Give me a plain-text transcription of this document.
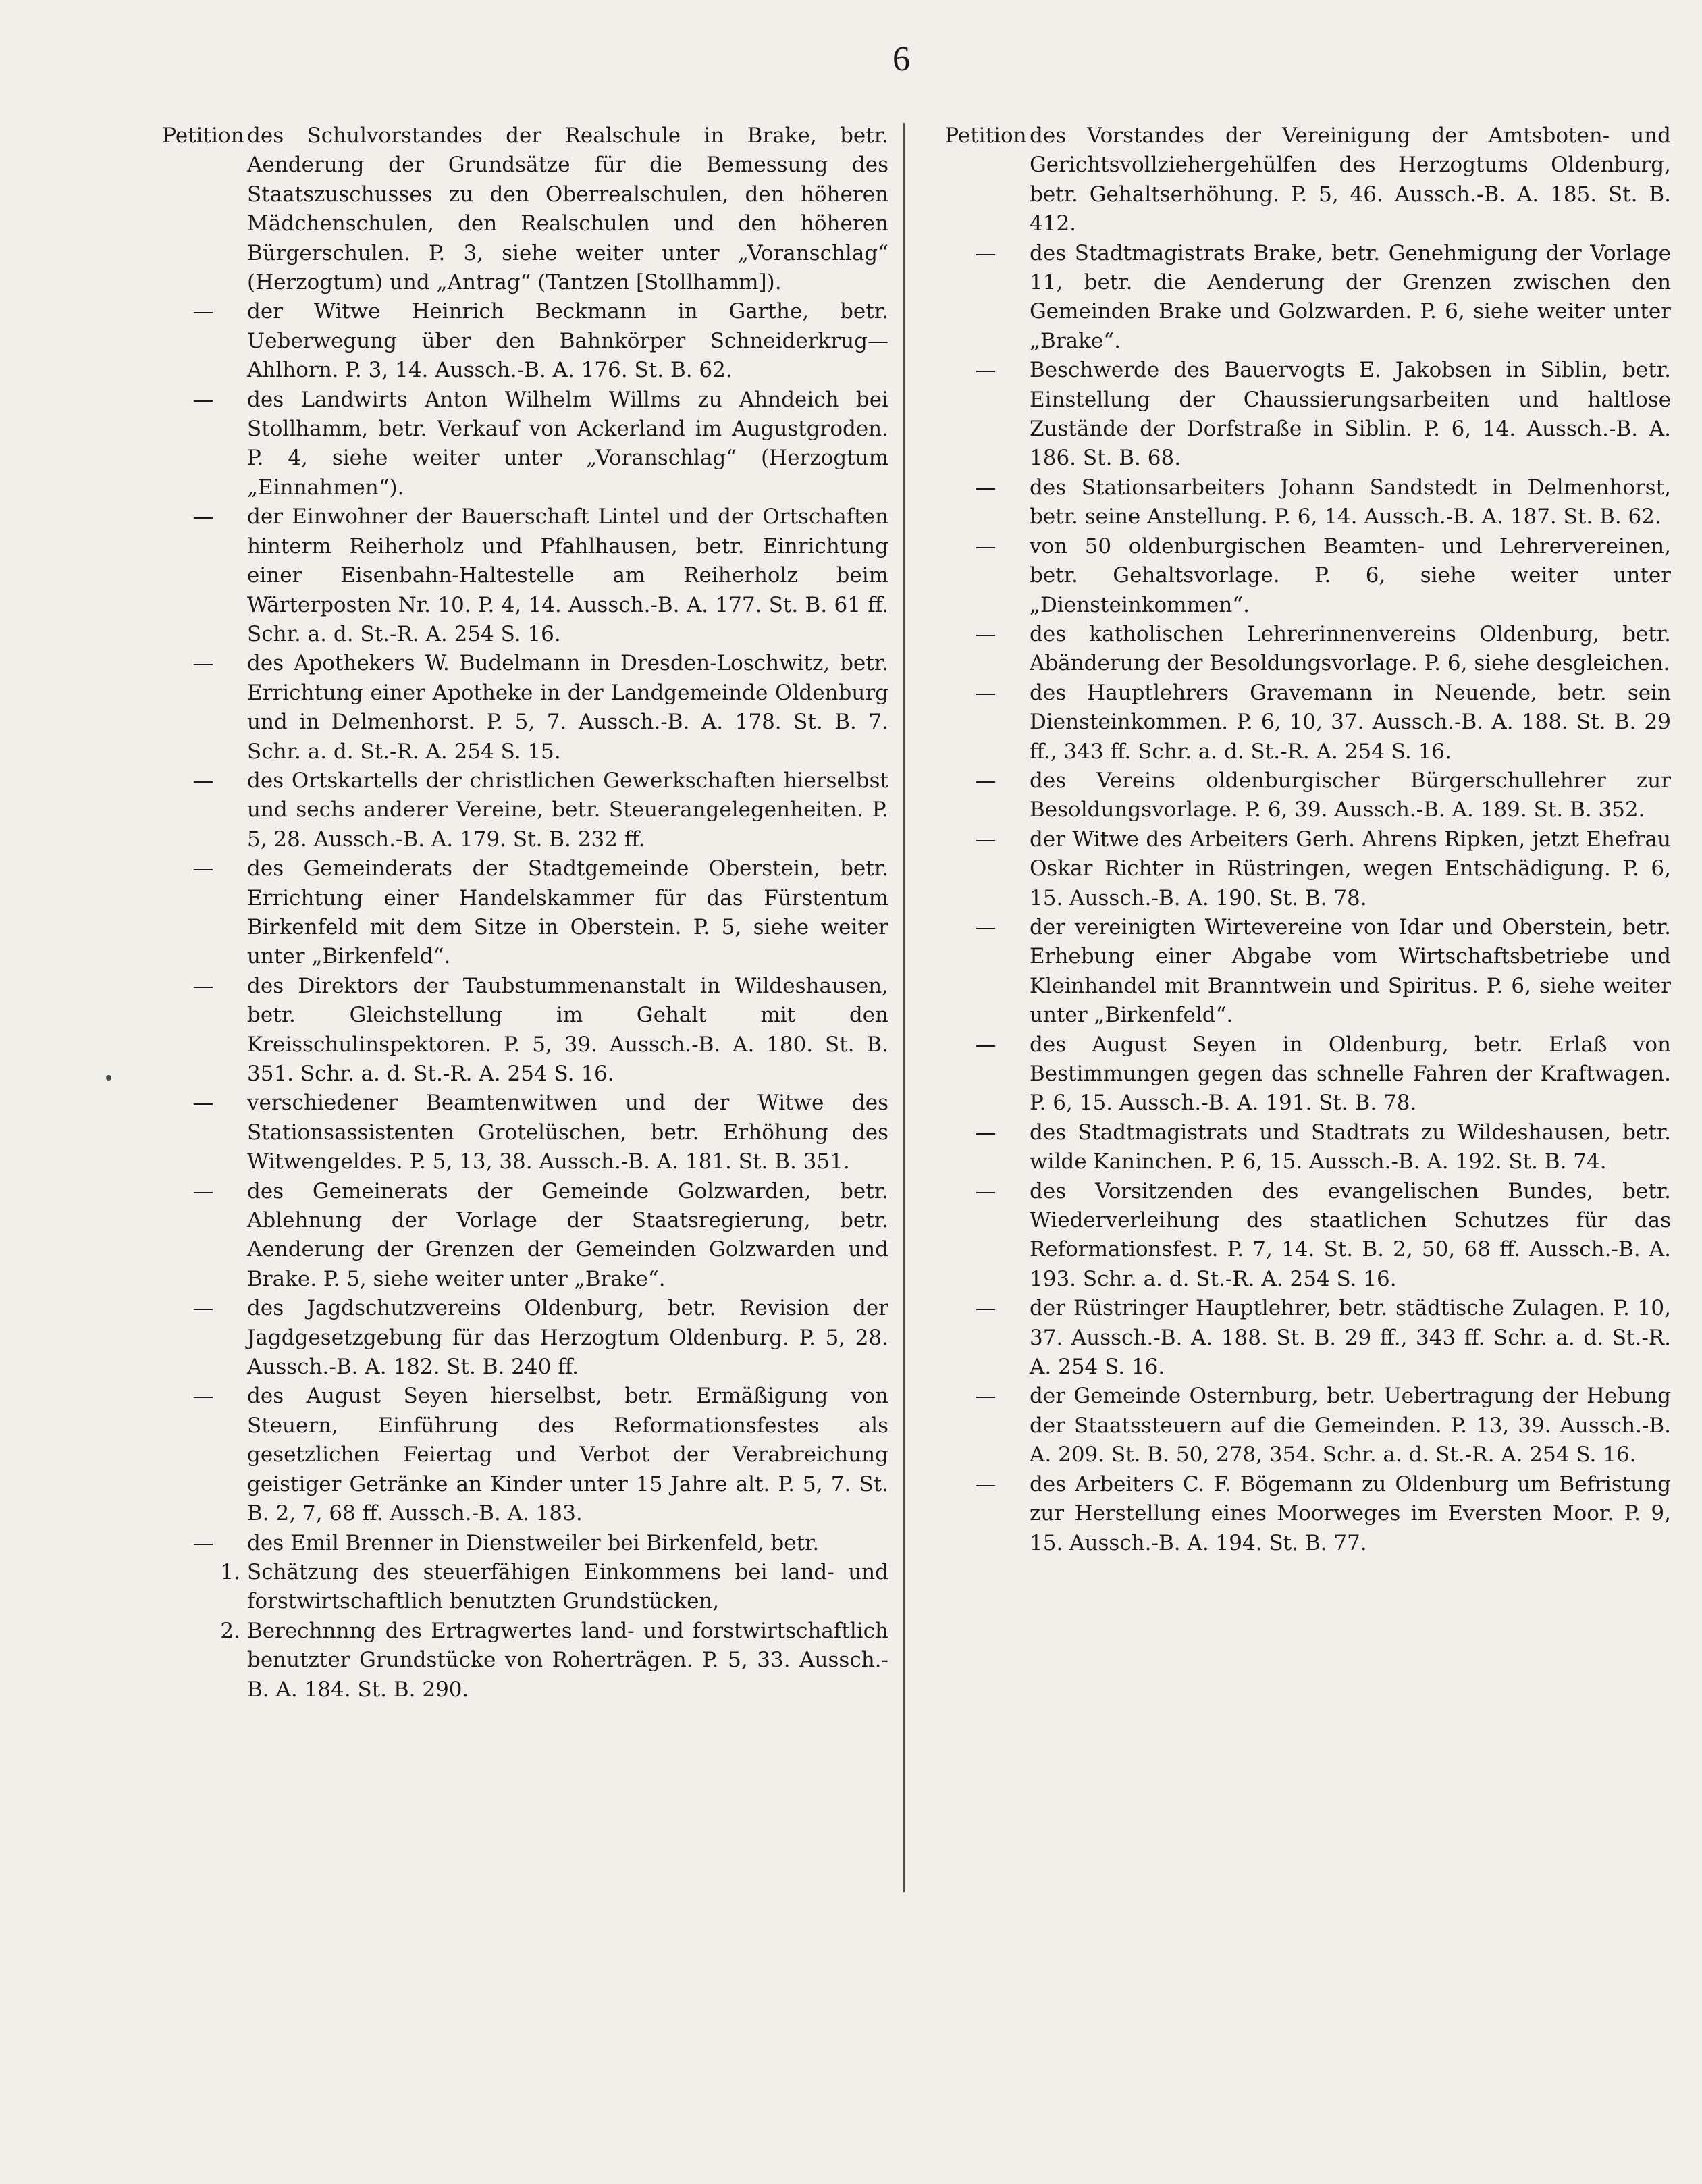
6

Petition des Schulvorstandes der Realschule in Brake, betr. Aenderung der Grundsätze für die Bemessung des Staatszuschusses zu den Oberrealschulen, den höheren Mädchenschulen, den Realschulen und den höheren Bürgerschulen. P. 3, siehe weiter unter „Voranschlag“ (Herzogtum) und „Antrag“ (Tantzen [Stollhamm]).

— der Witwe Heinrich Beckmann in Garthe, betr. Ueberwegung über den Bahnkörper Schneiderkrug—Ahlhorn. P. 3, 14. Aussch.-B. A. 176. St. B. 62.

— des Landwirts Anton Wilhelm Willms zu Ahndeich bei Stollhamm, betr. Verkauf von Ackerland im Augustgroden. P. 4, siehe weiter unter „Voranschlag“ (Herzogtum „Einnahmen“).

— der Einwohner der Bauerschaft Lintel und der Ortschaften hinterm Reiherholz und Pfahlhausen, betr. Einrichtung einer Eisenbahn-Haltestelle am Reiherholz beim Wärterposten Nr. 10. P. 4, 14. Aussch.-B. A. 177. St. B. 61 ff. Schr. a. d. St.-R. A. 254 S. 16.

— des Apothekers W. Budelmann in Dresden-Loschwitz, betr. Errichtung einer Apotheke in der Landgemeinde Oldenburg und in Delmenhorst. P. 5, 7. Aussch.-B. A. 178. St. B. 7. Schr. a. d. St.-R. A. 254 S. 15.

— des Ortskartells der christlichen Gewerkschaften hierselbst und sechs anderer Vereine, betr. Steuerangelegenheiten. P. 5, 28. Aussch.-B. A. 179. St. B. 232 ff.

— des Gemeinderats der Stadtgemeinde Oberstein, betr. Errichtung einer Handelskammer für das Fürstentum Birkenfeld mit dem Sitze in Oberstein. P. 5, siehe weiter unter „Birkenfeld“.

— des Direktors der Taubstummenanstalt in Wildeshausen, betr. Gleichstellung im Gehalt mit den Kreisschulinspektoren. P. 5, 39. Aussch.-B. A. 180. St. B. 351. Schr. a. d. St.-R. A. 254 S. 16.

— verschiedener Beamtenwitwen und der Witwe des Stationsassistenten Grotelüschen, betr. Erhöhung des Witwengeldes. P. 5, 13, 38. Aussch.-B. A. 181. St. B. 351.

— des Gemeinerats der Gemeinde Golzwarden, betr. Ablehnung der Vorlage der Staatsregierung, betr. Aenderung der Grenzen der Gemeinden Golzwarden und Brake. P. 5, siehe weiter unter „Brake“.

— des Jagdschutzvereins Oldenburg, betr. Revision der Jagdgesetzgebung für das Herzogtum Oldenburg. P. 5, 28. Aussch.-B. A. 182. St. B. 240 ff.

— des August Seyen hierselbst, betr. Ermäßigung von Steuern, Einführung des Reformationsfestes als gesetzlichen Feiertag und Verbot der Verabreichung geistiger Getränke an Kinder unter 15 Jahre alt. P. 5, 7. St. B. 2, 7, 68 ff. Aussch.-B. A. 183.

— des Emil Brenner in Dienstweiler bei Birkenfeld, betr.

1. Schätzung des steuerfähigen Einkommens bei land- und forstwirtschaftlich benutzten Grundstücken,

2. Berechnnng des Ertragwertes land- und forstwirtschaftlich benutzter Grundstücke von Roherträgen. P. 5, 33. Aussch.-B. A. 184. St. B. 290.

Petition des Vorstandes der Vereinigung der Amtsboten- und Gerichtsvollziehergehülfen des Herzogtums Oldenburg, betr. Gehaltserhöhung. P. 5, 46. Aussch.-B. A. 185. St. B. 412.

— des Stadtmagistrats Brake, betr. Genehmigung der Vorlage 11, betr. die Aenderung der Grenzen zwischen den Gemeinden Brake und Golzwarden. P. 6, siehe weiter unter „Brake“.

— Beschwerde des Bauervogts E. Jakobsen in Siblin, betr. Einstellung der Chaussierungsarbeiten und haltlose Zustände der Dorfstraße in Siblin. P. 6, 14. Aussch.-B. A. 186. St. B. 68.

— des Stationsarbeiters Johann Sandstedt in Delmenhorst, betr. seine Anstellung. P. 6, 14. Aussch.-B. A. 187. St. B. 62.

— von 50 oldenburgischen Beamten- und Lehrervereinen, betr. Gehaltsvorlage. P. 6, siehe weiter unter „Diensteinkommen“.

— des katholischen Lehrerinnenvereins Oldenburg, betr. Abänderung der Besoldungsvorlage. P. 6, siehe desgleichen.

— des Hauptlehrers Gravemann in Neuende, betr. sein Diensteinkommen. P. 6, 10, 37. Aussch.-B. A. 188. St. B. 29 ff., 343 ff. Schr. a. d. St.-R. A. 254 S. 16.

— des Vereins oldenburgischer Bürgerschullehrer zur Besoldungsvorlage. P. 6, 39. Aussch.-B. A. 189. St. B. 352.

— der Witwe des Arbeiters Gerh. Ahrens Ripken, jetzt Ehefrau Oskar Richter in Rüstringen, wegen Entschädigung. P. 6, 15. Aussch.-B. A. 190. St. B. 78.

— der vereinigten Wirtevereine von Idar und Oberstein, betr. Erhebung einer Abgabe vom Wirtschaftsbetriebe und Kleinhandel mit Branntwein und Spiritus. P. 6, siehe weiter unter „Birkenfeld“.

— des August Seyen in Oldenburg, betr. Erlaß von Bestimmungen gegen das schnelle Fahren der Kraftwagen. P. 6, 15. Aussch.-B. A. 191. St. B. 78.

— des Stadtmagistrats und Stadtrats zu Wildeshausen, betr. wilde Kaninchen. P. 6, 15. Aussch.-B. A. 192. St. B. 74.

— des Vorsitzenden des evangelischen Bundes, betr. Wiederverleihung des staatlichen Schutzes für das Reformationsfest. P. 7, 14. St. B. 2, 50, 68 ff. Aussch.-B. A. 193. Schr. a. d. St.-R. A. 254 S. 16.

— der Rüstringer Hauptlehrer, betr. städtische Zulagen. P. 10, 37. Aussch.-B. A. 188. St. B. 29 ff., 343 ff. Schr. a. d. St.-R. A. 254 S. 16.

— der Gemeinde Osternburg, betr. Uebertragung der Hebung der Staatssteuern auf die Gemeinden. P. 13, 39. Aussch.-B. A. 209. St. B. 50, 278, 354. Schr. a. d. St.-R. A. 254 S. 16.

— des Arbeiters C. F. Bögemann zu Oldenburg um Befristung zur Herstellung eines Moorweges im Eversten Moor. P. 9, 15. Aussch.-B. A. 194. St. B. 77.
